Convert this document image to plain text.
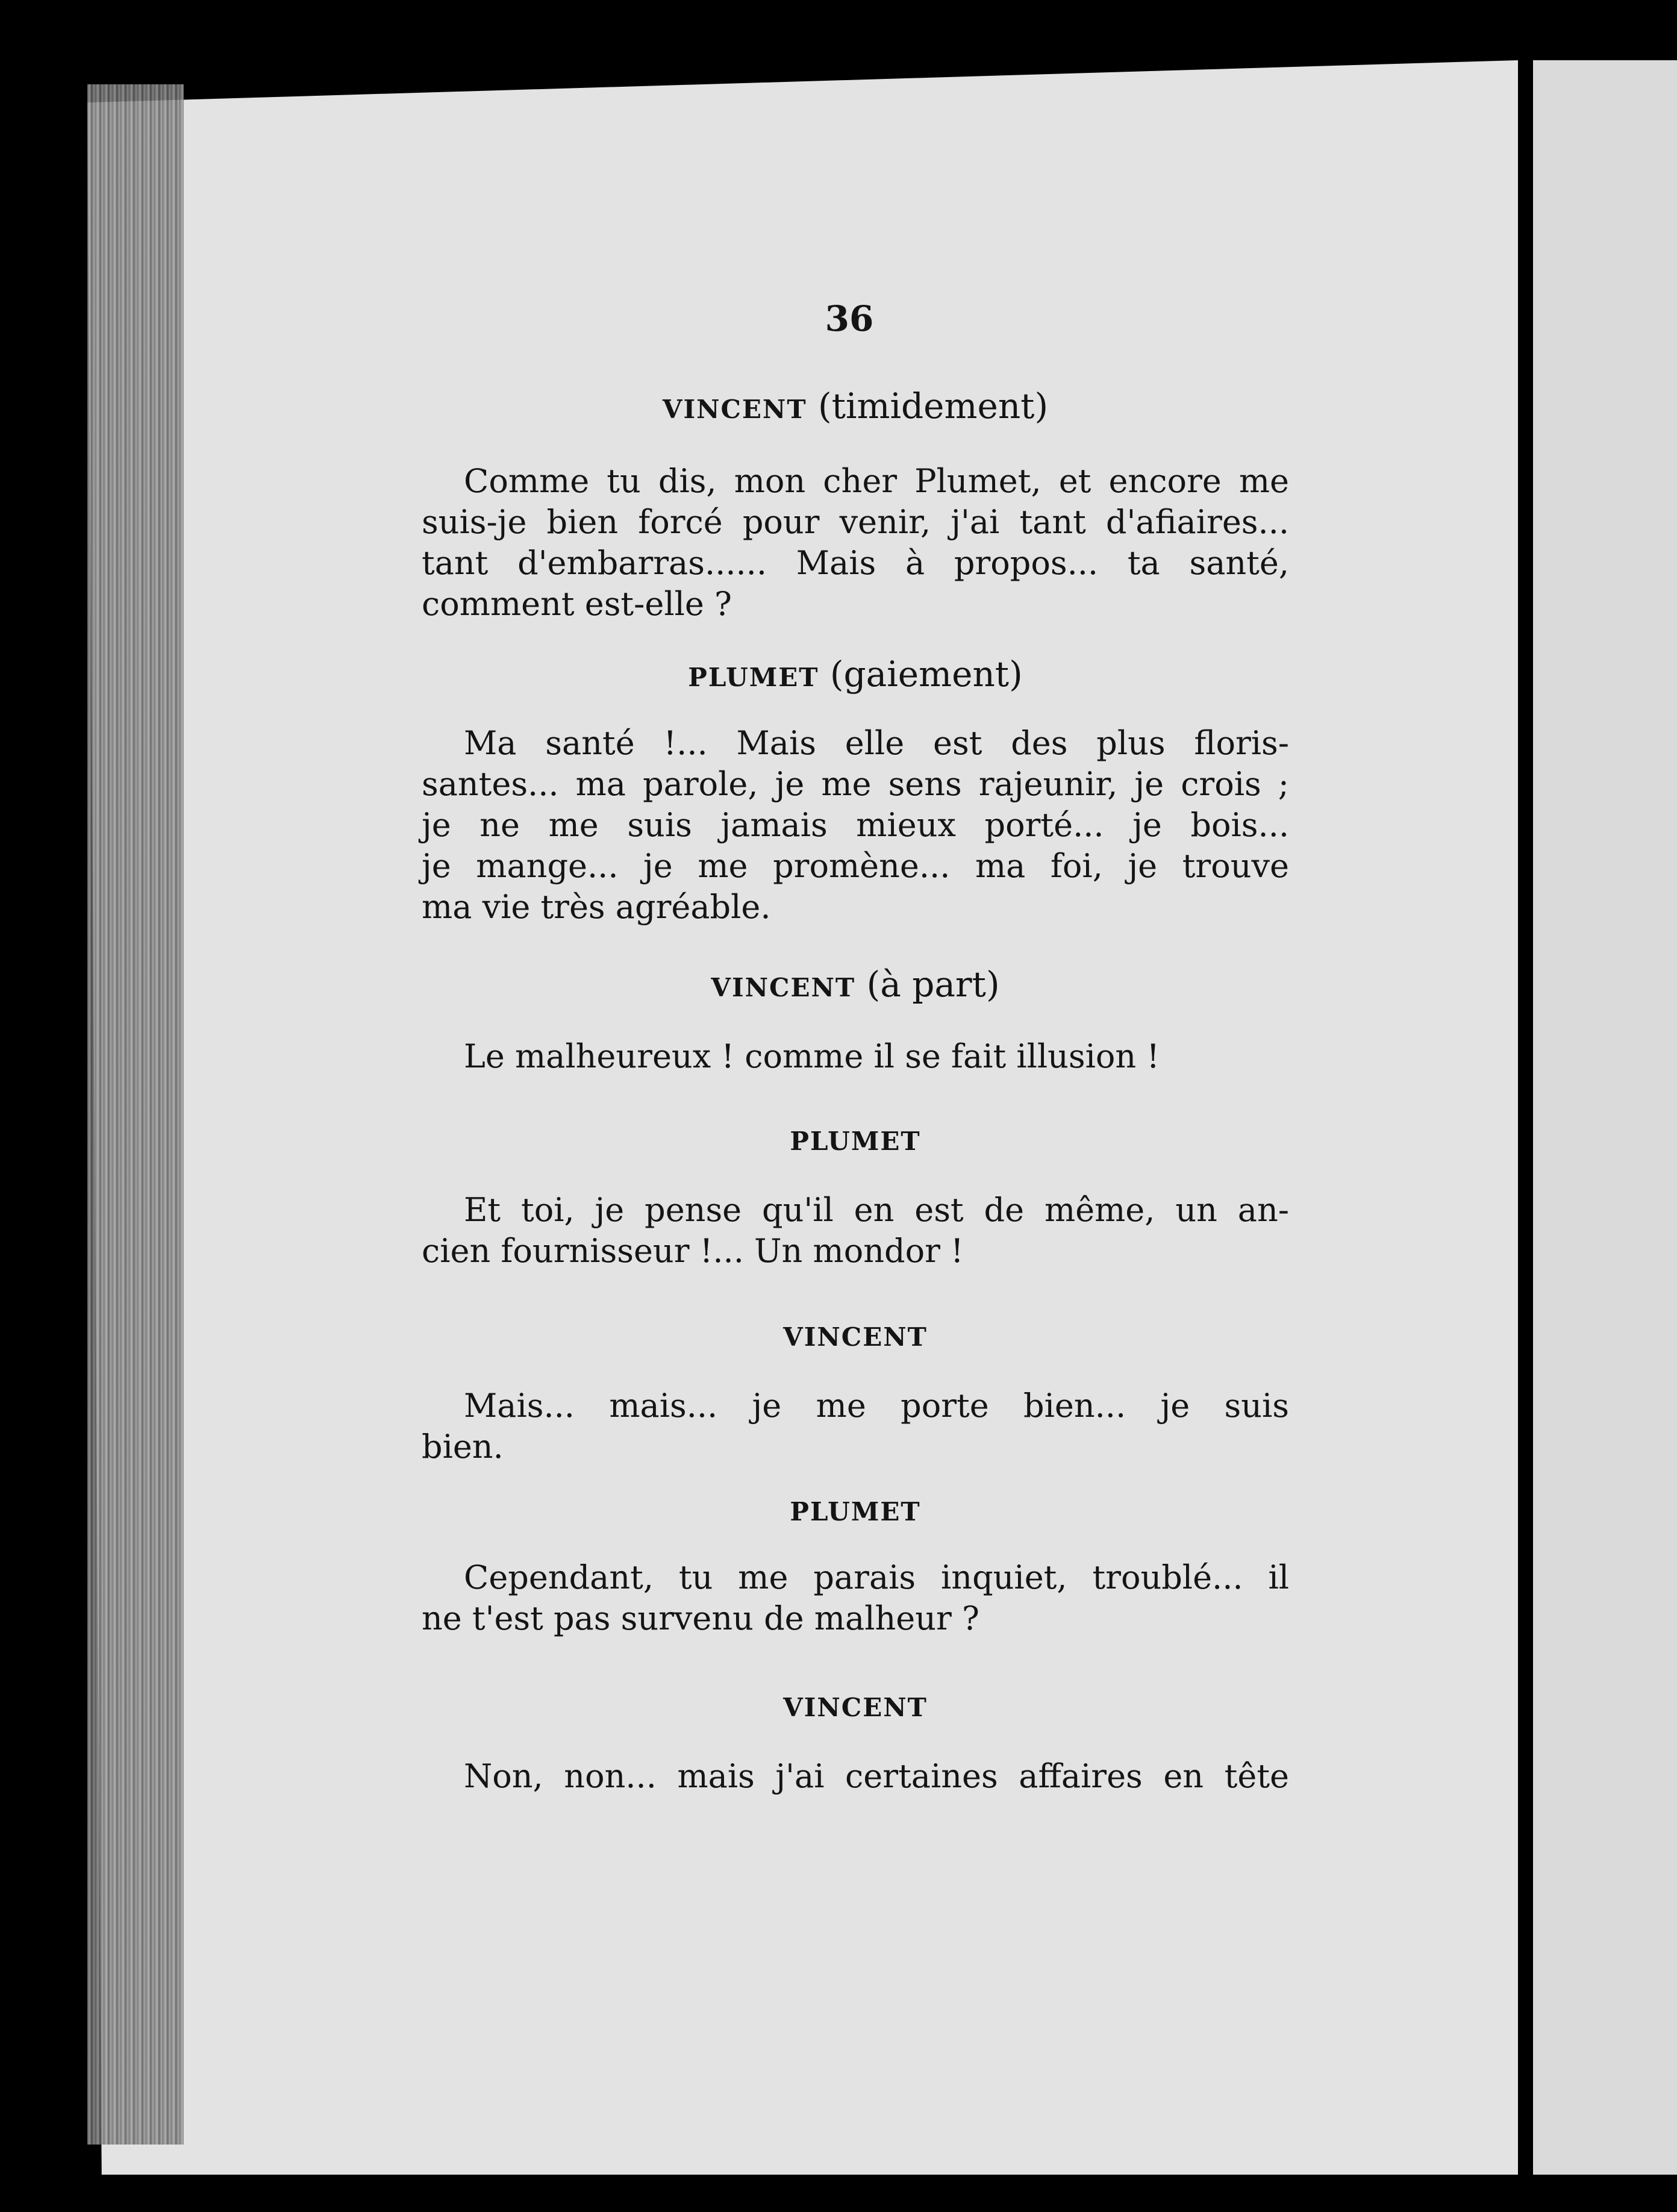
36
VINCENT (timidement)
Comme tu dis, mon cher Plumet, et encore me
suis-je bien forcé pour venir, j'ai tant d'afiaires...
tant d'embarras...... Mais à propos... ta santé,
comment est-elle ?
PLUMET (gaiement)
Ma santé !... Mais elle est des plus floris-
santes... ma parole, je me sens rajeunir, je crois ;
je ne me suis jamais mieux porté... je bois...
je mange... je me promène... ma foi, je trouve
ma vie très agréable.
VINCENT (à part)
Le malheureux ! comme il se fait illusion !
PLUMET
Et toi, je pense qu'il en est de même, un an-
cien fournisseur !... Un mondor !
VINCENT
Mais... mais... je me porte bien... je suis
bien.
PLUMET
Cependant, tu me parais inquiet, troublé... il
ne t'est pas survenu de malheur ?
VINCENT
Non, non... mais j'ai certaines affaires en tête
